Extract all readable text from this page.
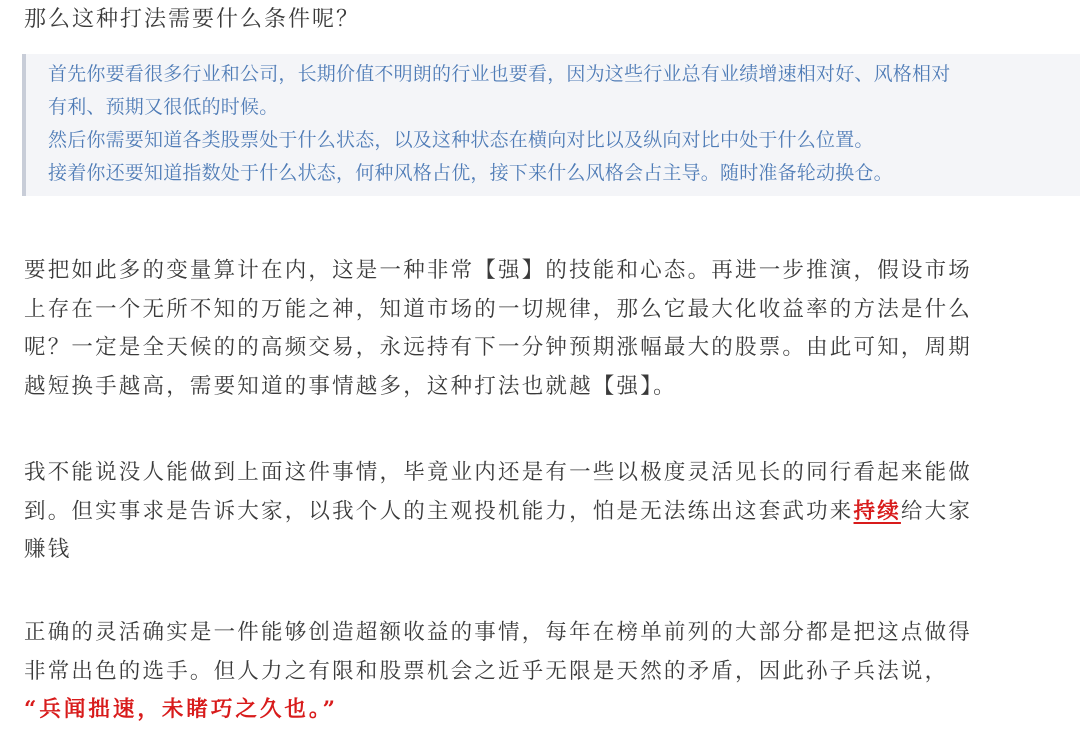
那么这种打法需要什么条件呢？
首先你要看很多行业和公司，长期价值不明朗的行业也要看，因为这些行业总有业绩增速相对好、风格相对
有利、预期又很低的时候。
然后你需要知道各类股票处于什么状态，以及这种状态在横向对比以及纵向对比中处于什么位置。
接着你还要知道指数处于什么状态，何种风格占优，接下来什么风格会占主导。随时准备轮动换仓。
要把如此多的变量算计在内，这是一种非常【强】的技能和心态。再进一步推演，假设市场
上存在一个无所不知的万能之神，知道市场的一切规律，那么它最大化收益率的方法是什么
呢？一定是全天候的的高频交易，永远持有下一分钟预期涨幅最大的股票。由此可知，周期
越短换手越高，需要知道的事情越多，这种打法也就越【强】。
我不能说没人能做到上面这件事情，毕竟业内还是有一些以极度灵活见长的同行看起来能做
到。但实事求是告诉大家，以我个人的主观投机能力，怕是无法练出这套武功来持续给大家
赚钱
正确的灵活确实是一件能够创造超额收益的事情，每年在榜单前列的大部分都是把这点做得
非常出色的选手。但人力之有限和股票机会之近乎无限是天然的矛盾，因此孙子兵法说，
“兵闻拙速，未睹巧之久也。”
